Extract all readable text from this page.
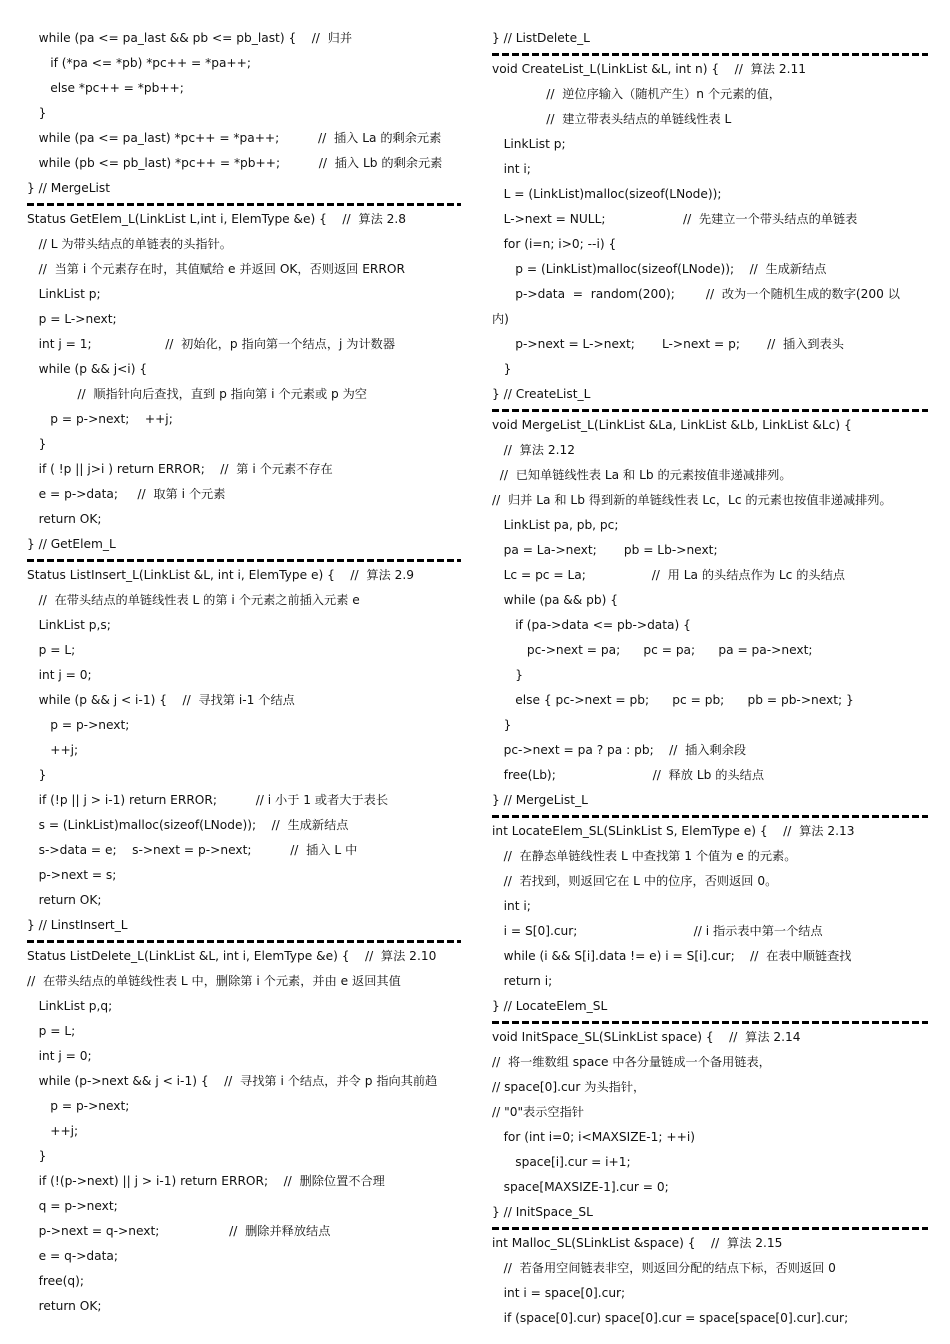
while (pa <= pa_last && pb <= pb_last) {    //  归并
if (*pa <= *pb) *pc++ = *pa++;
else *pc++ = *pb++;
}
while (pa <= pa_last) *pc++ = *pa++;          //  插入 La 的剩余元素
while (pb <= pb_last) *pc++ = *pb++;          //  插入 Lb 的剩余元素
} // MergeList
Status GetElem_L(LinkList L,int i, ElemType &e) {    //  算法 2.8
// L 为带头结点的单链表的头指针。
//  当第 i 个元素存在时，其值赋给 e 并返回 OK，否则返回 ERROR
LinkList p;
p = L->next;
int j = 1;                   //  初始化，p 指向第一个结点，j 为计数器
while (p && j<i) {
//  顺指针向后查找，直到 p 指向第 i 个元素或 p 为空
p = p->next;    ++j;
}
if ( !p || j>i ) return ERROR;    //  第 i 个元素不存在
e = p->data;     //  取第 i 个元素
return OK;
} // GetElem_L
Status ListInsert_L(LinkList &L, int i, ElemType e) {    //  算法 2.9
//  在带头结点的单链线性表 L 的第 i 个元素之前插入元素 e
LinkList p,s;
p = L;
int j = 0;
while (p && j < i-1) {    //  寻找第 i-1 个结点
p = p->next;
++j;
}
if (!p || j > i-1) return ERROR;          // i 小于 1 或者大于表长
s = (LinkList)malloc(sizeof(LNode));    //  生成新结点
s->data = e;    s->next = p->next;          //  插入 L 中
p->next = s;
return OK;
} // LinstInsert_L
Status ListDelete_L(LinkList &L, int i, ElemType &e) {    //  算法 2.10
//  在带头结点的单链线性表 L 中，删除第 i 个元素，并由 e 返回其值
LinkList p,q;
p = L;
int j = 0;
while (p->next && j < i-1) {    //  寻找第 i 个结点，并令 p 指向其前趋
p = p->next;
++j;
}
if (!(p->next) || j > i-1) return ERROR;    //  删除位置不合理
q = p->next;
p->next = q->next;                  //  删除并释放结点
e = q->data;
free(q);
return OK;
} // ListDelete_L
void CreateList_L(LinkList &L, int n) {    //  算法 2.11
//  逆位序输入（随机产生）n 个元素的值，
//  建立带表头结点的单链线性表 L
LinkList p;
int i;
L = (LinkList)malloc(sizeof(LNode));
L->next = NULL;                    //  先建立一个带头结点的单链表
for (i=n; i>0; --i) {
p = (LinkList)malloc(sizeof(LNode));    //  生成新结点
p->data  =  random(200);        //  改为一个随机生成的数字(200 以
内)
p->next = L->next;       L->next = p;       //  插入到表头
}
} // CreateList_L
void MergeList_L(LinkList &La, LinkList &Lb, LinkList &Lc) {
//  算法 2.12
//  已知单链线性表 La 和 Lb 的元素按值非递减排列。
//  归并 La 和 Lb 得到新的单链线性表 Lc，Lc 的元素也按值非递减排列。
LinkList pa, pb, pc;
pa = La->next;       pb = Lb->next;
Lc = pc = La;                 //  用 La 的头结点作为 Lc 的头结点
while (pa && pb) {
if (pa->data <= pb->data) {
pc->next = pa;      pc = pa;      pa = pa->next;
}
else { pc->next = pb;      pc = pb;      pb = pb->next; }
}
pc->next = pa ? pa : pb;    //  插入剩余段
free(Lb);                         //  释放 Lb 的头结点
} // MergeList_L
int LocateElem_SL(SLinkList S, ElemType e) {    //  算法 2.13
//  在静态单链线性表 L 中查找第 1 个值为 e 的元素。
//  若找到，则返回它在 L 中的位序，否则返回 0。
int i;
i = S[0].cur;                              // i 指示表中第一个结点
while (i && S[i].data != e) i = S[i].cur;    //  在表中顺链查找
return i;
} // LocateElem_SL
void InitSpace_SL(SLinkList space) {    //  算法 2.14
//  将一维数组 space 中各分量链成一个备用链表，
// space[0].cur 为头指针，
// "0"表示空指针
for (int i=0; i<MAXSIZE-1; ++i)
space[i].cur = i+1;
space[MAXSIZE-1].cur = 0;
} // InitSpace_SL
int Malloc_SL(SLinkList &space) {    //  算法 2.15
//  若备用空间链表非空，则返回分配的结点下标，否则返回 0
int i = space[0].cur;
if (space[0].cur) space[0].cur = space[space[0].cur].cur;
